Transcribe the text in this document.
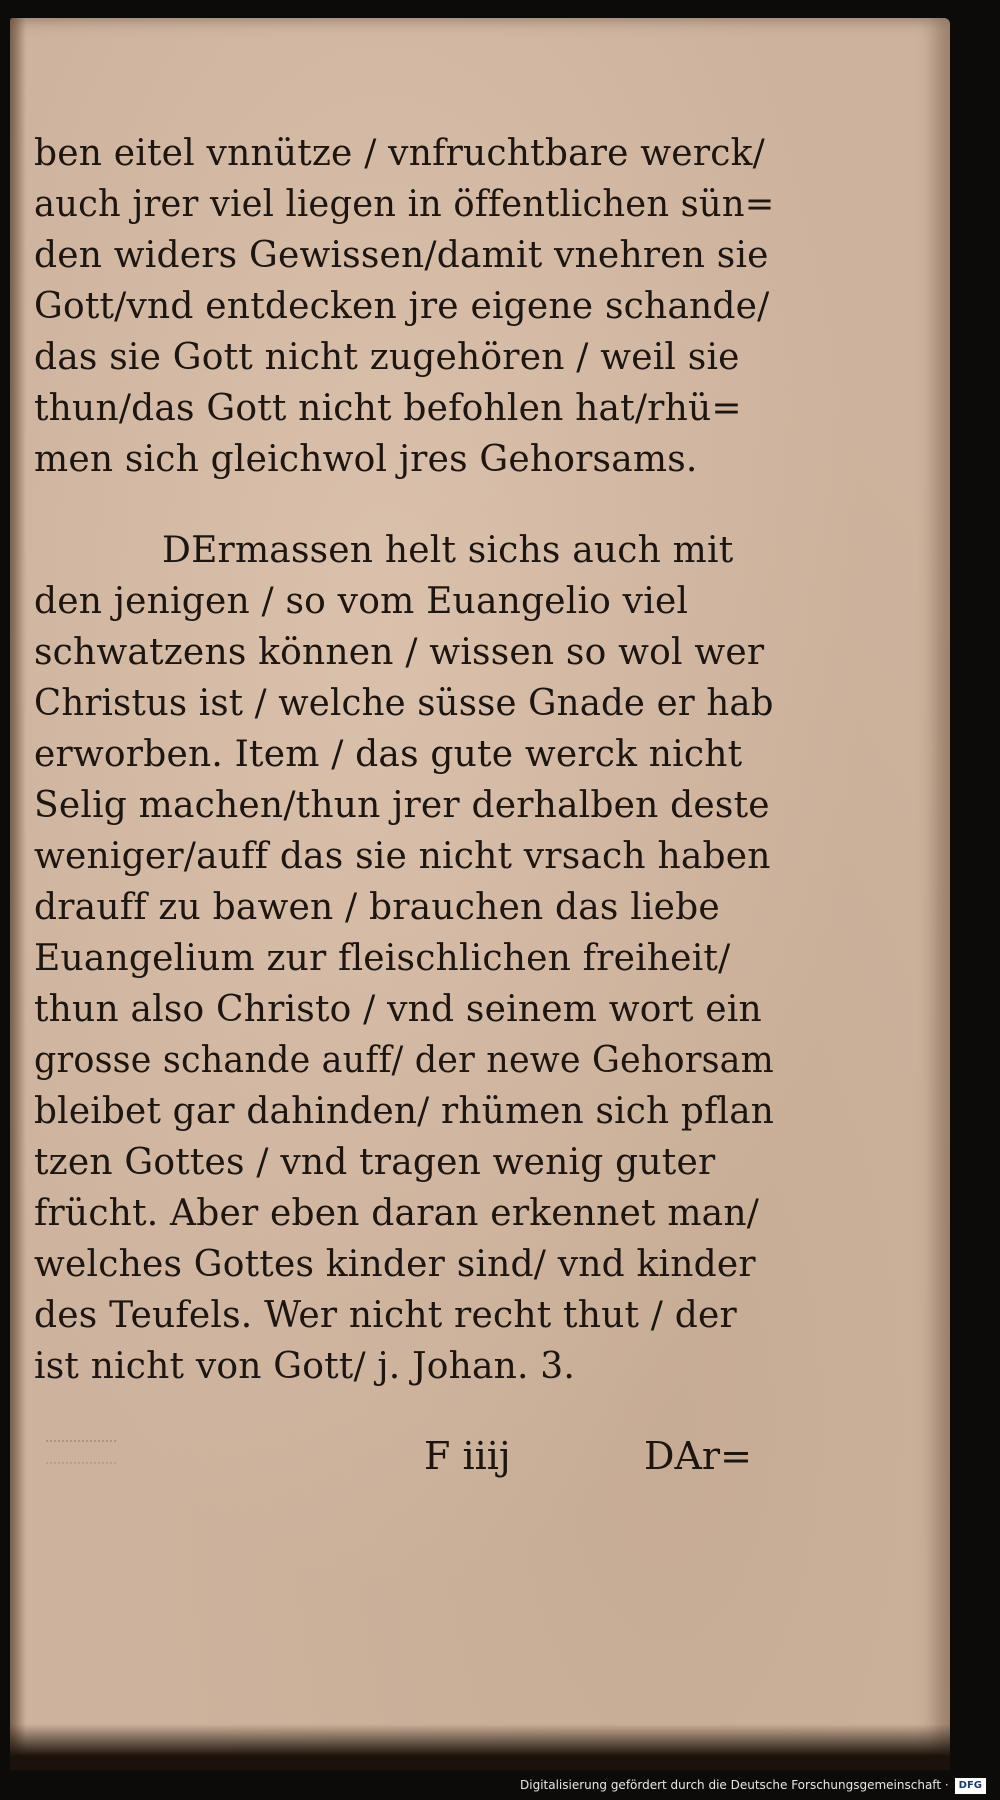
ben eitel vnnütze / vnfruchtbare werck/
auch jrer viel liegen in öffentlichen sün=
den widers Gewissen/damit vnehren sie
Gott/vnd entdecken jre eigene schande/
das sie Gott nicht zugehören / weil sie
thun/das Gott nicht befohlen hat/rhü=
men sich gleichwol jres Gehorsams.
DErmassen helt sichs auch mit
den jenigen / so vom Euangelio viel
schwatzens können / wissen so wol wer
Christus ist / welche süsse Gnade er hab
erworben. Item / das gute werck nicht
Selig machen/thun jrer derhalben deste
weniger/auff das sie nicht vrsach haben
drauff zu bawen / brauchen das liebe
Euangelium zur fleischlichen freiheit/
thun also Christo / vnd seinem wort ein
grosse schande auff/ der newe Gehorsam
bleibet gar dahinden/ rhümen sich pflan
tzen Gottes / vnd tragen wenig guter
frücht. Aber eben daran erkennet man/
welches Gottes kinder sind/ vnd kinder
des Teufels. Wer nicht recht thut / der
ist nicht von Gott/ j. Johan. 3.
F iiij	DAr=
Digitalisierung gefördert durch die Deutsche Forschungsgemeinschaft · DFG
